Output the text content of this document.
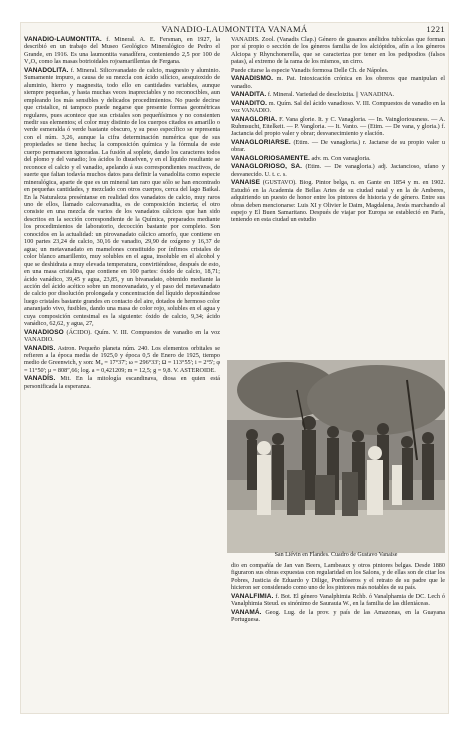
VANADIO-LAUMONTITA VANAMÁ	1221

VANADIO-LAUMONTITA. f. Mineral. A. E. Fersman, en 1927, la describió en un trabajo del Museo Geológico Mineralógico de Pedro el Grande, en 1916. Es una laumontita vanadífera, conteniendo 2,5 por 100 de V₂O₅ como las masas botrioidales rojoamarillentas de Fergana.

VANADOLITA. f. Mineral. Silicovanadato de calcio, magnesio y aluminio. Sumamente impuro, a causa de su mezcla con ácido silícico, aesquioxido de aluminio, hierro y magnesita, todo ello en cantidades variables, aunque siempre pequeñas, y hasta muchas veces inapreciables y no reconocibles, aun empleando los más sensibles y delicados procedimientos. No puede decirse que cristalice, ni tampoco puede negarse que presente formas geométricas regulares, pues acontece que sus cristales son pequeñísimos y no consienten medir sus elementos; el color muy distinto de los cuerpos citados es amarillo o verde esmeralda ó verde bastante obscuro, y su peso específico se representa con el núm. 3,26, aunque la cifra determinación numérica que de sus propiedades se tiene hecha; la composición química y la fórmula de este cuerpo permanecen ignoradas. La fusión al soplete, dando los caracteres todos del plomo y del vanadio; los ácidos lo disuelven, y en el líquido resultante se reconoce el calcio y el vanadio, apelando á sus correspondientes reactivos, de suerte que faltan todavía muchos datos para definir la vanadolita como especie mineralógica, aparte de que es un mineral tan raro que sólo se han encontrado en pequeñas cantidades, y mezclado con otros cuerpos, cerca del lago Baikal. En la Naturaleza preséntanse en realidad dos vanadatos de calcio, muy raros uno de ellos, llamado calcovanadita, es de composición incierta; el otro consiste en una mezcla de varios de los vanadatos cálcicos que han sido descritos en la sección correspondiente de la Química, preparados mediante los procedimientos de laboratorio, decocción bastante por completo. Son conocidos en la actualidad: un pirovanadato cálcico amorfo, que contiene en 100 partes 23,24 de calcio, 30,16 de vanadio, 29,90 de oxígeno y 16,37 de agua; un metavanadato en mamelones constituido por ínfimos cristales de color blanco amarillento, muy solubles en el agua, insoluble en el alcohol y que se deshidrata a muy elevada temperatura, convirtiéndose, después de esto, en una masa cristalina, que contiene en 100 partes: óxido de calcio, 18,71; ácido vanádico, 39,45 y agua, 23,85, y un bivanadato, obtenido mediante la acción del ácido acético sobre un monovanadato, y el paso del metavanadato de calcio por disolución prolongada y concentración del líquido depositándose luego cristales bastante grandes en contacto del aire, dotados de hermoso color anaranjado vivo, fusibles, dando una masa de color rojo, solubles en el agua y cuya composición centesimal es la siguiente: óxido de calcio, 9,34; ácido vanádico, 62,62, y agua, 27,

VANADIOSO (ÁCIDO). Quím. V. III. Compuestos de vanadio en la voz VANADIO.

VANADIS. Astron. Pequeño planeta núm. 240. Los elementos orbitales se refieren a la época media de 1925,0 y época 0,5 de Enero de 1925, tiempo medio de Greenwich, y son: M₀ = 17°37'; ω = 296°33'; Ω = 113°55'; i = 2°5'; φ = 11°50'; μ = 808″,66; log. a = 0,421209; m = 12,5; g = 9,8. V. ASTEROIDE.

VANADÍS. Mit. En la mitología escandinava, diosa en quien está personificada la esperanza.

VANADIS. Zool. (Vanadis Clap.) Género de gusanos anélidos tubícolas que forman por sí propio o sección de los géneros familia de los alciópidos, afín a los géneros Alciopa y Rhynchonerella, que se caracteriza por tener en los pedipodios (falsos patas), al extremo de la rama de los mismos, un cirro.

Puede citarse la especie Vanadis formosa Delle Ch. de Nápoles.

VANADISMO. m. Pat. Intoxicación crónica en los obreros que manipulan el vanadio.

VANADITA. f. Mineral. Variedad de descloizita. || VANADINA.

VANADITO. m. Quím. Sal del ácido vanadioso. V. III. Compuestos de vanadio en la voz VANADIO.

VANAGLORIA. F. Vana glorie. It. y C. Vanagloria. — In. Vaingloriousness. — A. Ruhmsucht, Eitelkeit. — P. Vangloria. — It. Vanto. — (Etim. — De vana, y gloria.) f. Jactancia del propio valer y obrar; desvanecimiento y elación.

VANAGLORIARSE. (Etim. — De vanagloria.) r. Jactarse de su propio valer u obrar.

VANAGLORIOSAMENTE. adv. m. Con vanagloria.

VANAGLORIOSO, SA. (Etim. — De vanagloria.) adj. Jactancioso, ufano y desvanecido. U. t. c. s.

VANAISE (GUSTAVO). Biog. Pintor belga, n. en Gante en 1854 y m. en 1902. Estudió en la Academia de Bellas Artes de su ciudad natal y en la de Amberes, adquiriendo un puesto de honor entre los pintores de historia y de género. Entre sus obras deben mencionarse: Luis XI y Olivier le Daim, Magdalena, Jesús marchando al espejo y El Buen Samaritano. Después de viajar por Europa se estableció en París, teniendo en esta ciudad un estudio

San Liévin en Flandes. Cuadro de Gustavo Vanaise

dio en compañía de Jan van Beers, Lambeaux y otros pintores belgas. Desde 1880 figuraron sus obras expuestas con regularidad en los Salons, y de ellas son de citar los Pobres, Justicia de Eduardo y Dilige, Pordióseros y el retrato de su padre que le hicieron ser considerado como uno de los pintores más notables de su país.

VANALFIMIA. f. Bot. El género Vanalphimia Rchb. ó Vanalphamia de DC. Lech ó Vanalphimia Steud. es sinónimo de Saurauia W., en la familia de las dileniáceas.

VANAMÁ. Geog. Lug. de la prov. y país de las Amazonas, en la Guayana Portuguesa.
